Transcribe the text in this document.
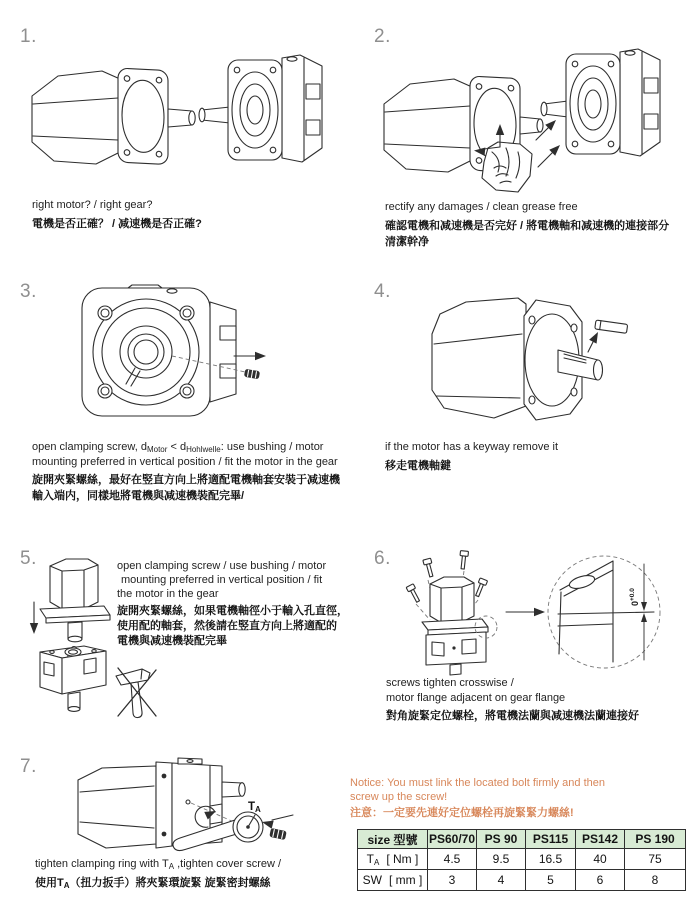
1.
right motor? / right gear?
電機是否正確？ / 减速機是否正確?
2.
rectify any damages / clean grease free
確認電機和减速機是否完好 / 將電機軸和减速機的連接部分
清潔幹净
3.
open clamping screw, dMotor < dHohlwelle: use bushing / motor
mounting preferred in vertical position / fit the motor in the gear
旋開夾緊螺絲，最好在竪直方向上將適配電機軸套安裝于减速機
輸入端内，同樣地將電機與减速機裝配完畢/
4.
if the motor has a keyway remove it
移走電機軸鍵
5.	open clamping screw / use bushing / motor
mounting preferred in vertical position / fit
the motor in the gear
旋開夾緊螺絲，如果電機軸徑小于輸入孔直徑，
使用配的軸套，然後請在竪直方向上將適配的
電機與减速機裝配完畢
6.
$0^{+0.0}$
screws tighten crosswise /
motor flange adjacent on gear flange
對角旋緊定位螺栓，將電機法蘭與减速機法蘭連接好
7.
TA
tighten clamping ring with TA ,tighten cover screw /
使用TA（扭力扳手）將夾緊環旋緊 旋緊密封螺絲
Notice: You must link the located bolt firmly and then
screw up the screw!
注意：一定要先連好定位螺栓再旋緊緊力螺絲!
size 型號	PS60/70	PS 90	PS115	PS142	PS 190

TA [ Nm ]	4.5	9.5	16.5	40	75

SW [ mm ]	3	4	5	6	8
